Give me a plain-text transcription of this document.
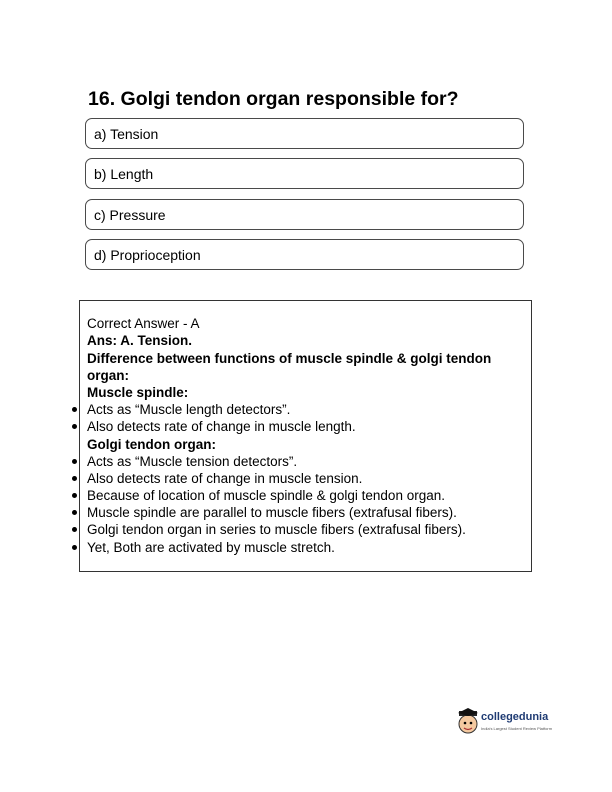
16. Golgi tendon organ responsible for?
a) Tension
b) Length
c) Pressure
d) Proprioception
Correct Answer - A
Ans: A. Tension.
Difference between functions of muscle spindle & golgi tendon
organ:
Muscle spindle:
Acts as “Muscle length detectors”.
Also detects rate of change in muscle length.
Golgi tendon organ:
Acts as “Muscle tension detectors”.
Also detects rate of change in muscle tension.
Because of location of muscle spindle & golgi tendon organ.
Muscle spindle are parallel to muscle fibers (extrafusal fibers).
Golgi tendon organ in series to muscle fibers (extrafusal fibers).
Yet, Both are activated by muscle stretch.
collegedunia
India's Largest Student Review Platform
